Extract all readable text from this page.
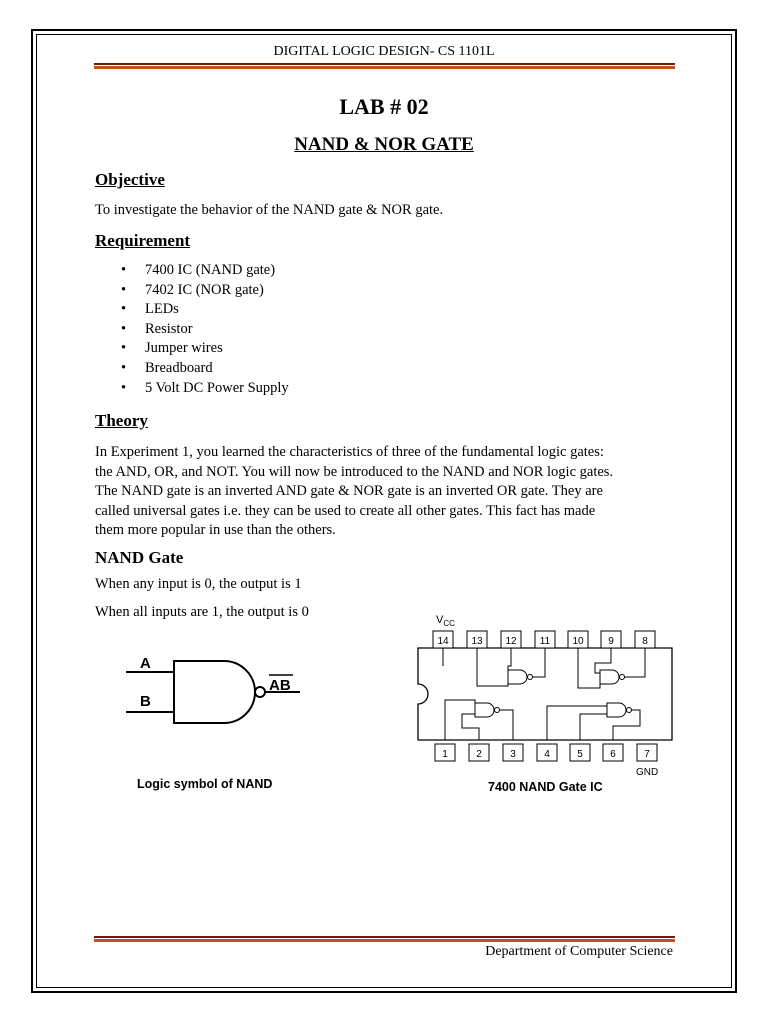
DIGITAL LOGIC DESIGN- CS 1101L
LAB # 02
NAND & NOR GATE
Objective
To investigate the behavior of the NAND gate & NOR gate.
Requirement
• 7400 IC (NAND gate)
• 7402 IC (NOR gate)
• LEDs
• Resistor
• Jumper wires
• Breadboard
• 5 Volt DC Power Supply
Theory
In Experiment 1, you learned the characteristics of three of the fundamental logic gates:
the AND, OR, and NOT. You will now be introduced to the NAND and NOR logic gates.
The NAND gate is an inverted AND gate & NOR gate is an inverted OR gate. They are
called universal gates i.e. they can be used to create all other gates. This fact has made
them more popular in use than the others.
NAND Gate
When any input is 0, the output is 1
When all inputs are 1, the output is 0
A
B
AB
Logic symbol of NAND
$V_{CC}$
14 13 12 11 10 9	8
1	2	3	4	5	6	7
GND
7400 NAND Gate IC
Department of Computer Science
